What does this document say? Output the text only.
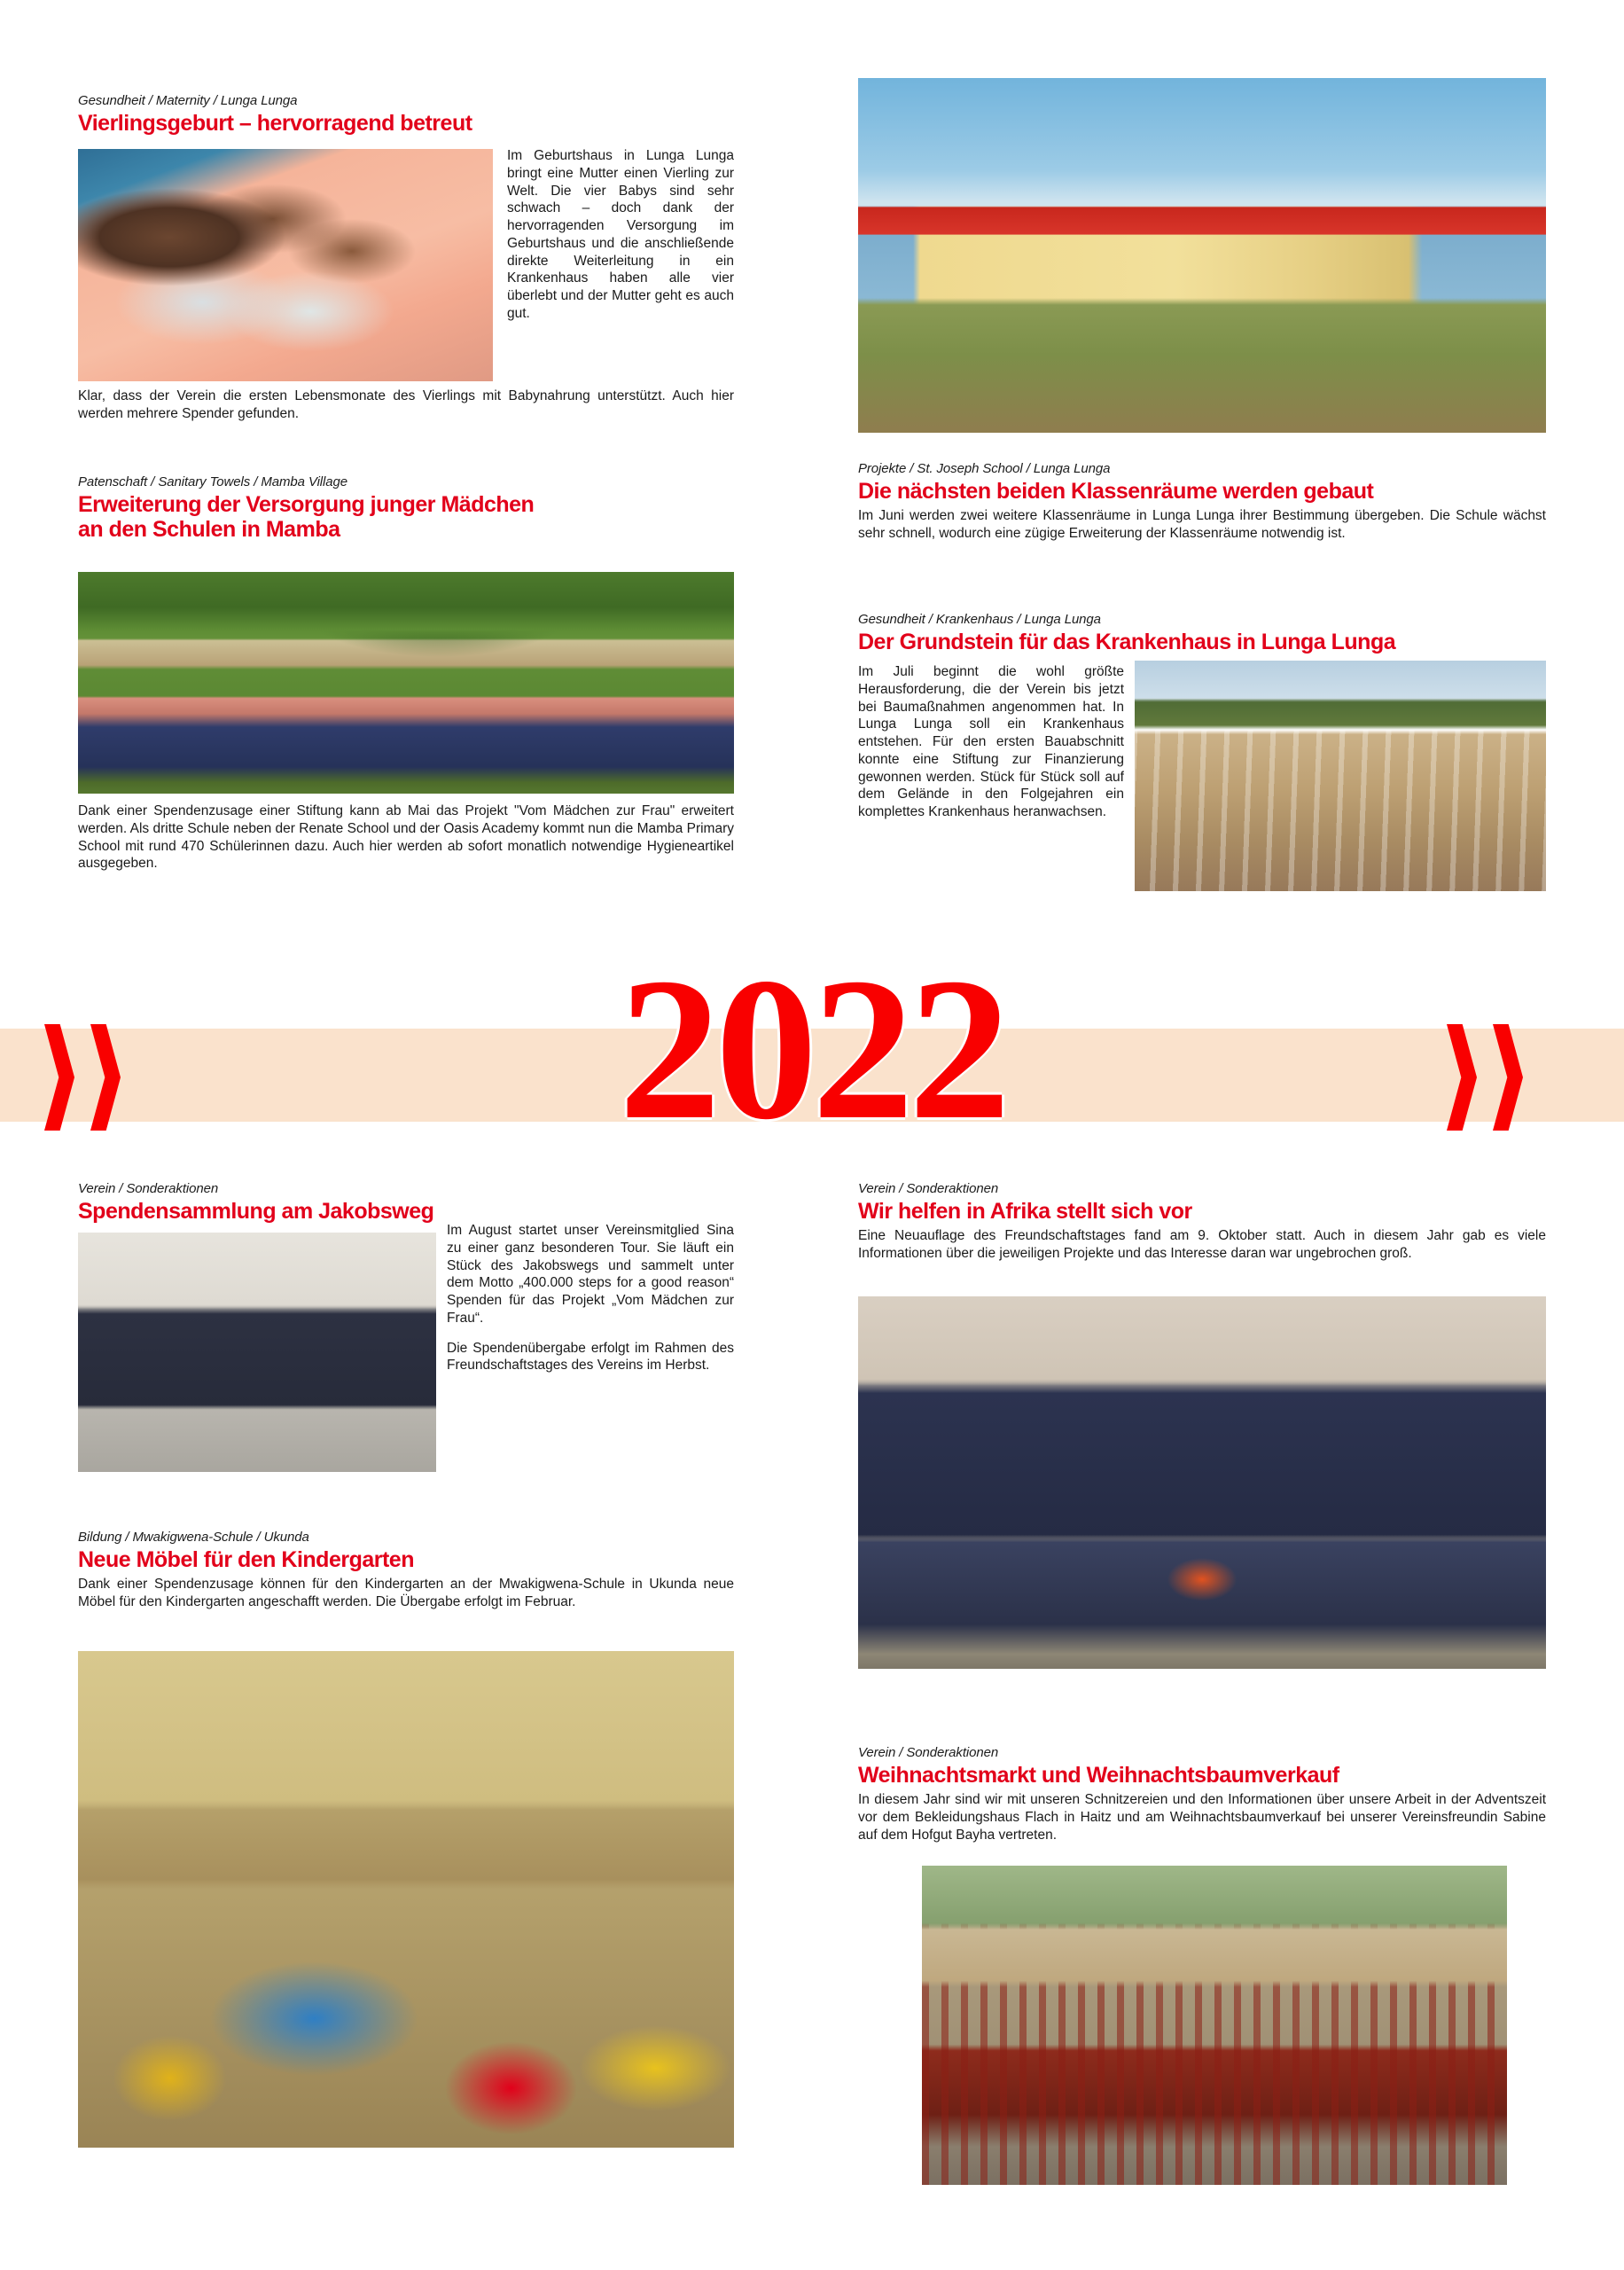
Gesundheit / Maternity / Lunga Lunga
Vierlingsgeburt – hervorragend betreut

Im Geburtshaus in Lunga Lunga bringt eine Mutter einen Vierling zur Welt. Die vier Babys sind sehr schwach – doch dank der hervorragenden Versorgung im Geburtshaus und die anschließende direkte Weiterleitung in ein Krankenhaus haben alle vier überlebt und der Mutter geht es auch gut.

Klar, dass der Verein die ersten Lebensmonate des Vierlings mit Babynahrung unterstützt. Auch hier werden mehrere Spender gefunden.

Patenschaft / Sanitary Towels / Mamba Village
Erweiterung der Versorgung junger Mädchen
an den Schulen in Mamba

Dank einer Spendenzusage einer Stiftung kann ab Mai das Projekt "Vom Mädchen zur Frau" erweitert werden. Als dritte Schule neben der Renate School und der Oasis Academy kommt nun die Mamba Primary School mit rund 470 Schülerinnen dazu. Auch hier werden ab sofort monatlich notwendige Hygieneartikel ausgegeben.

Projekte / St. Joseph School / Lunga Lunga
Die nächsten beiden Klassenräume werden gebaut

Im Juni werden zwei weitere Klassenräume in Lunga Lunga ihrer Bestimmung übergeben. Die Schule wächst sehr schnell, wodurch eine zügige Erweiterung der Klassenräume notwendig ist.

Gesundheit / Krankenhaus / Lunga Lunga
Der Grundstein für das Krankenhaus in Lunga Lunga

Im Juli beginnt die wohl größte Herausforderung, die der Verein bis jetzt bei Baumaßnahmen angenommen hat. In Lunga Lunga soll ein Krankenhaus entstehen. Für den ersten Bauabschnitt konnte eine Stiftung zur Finanzierung gewonnen werden. Stück für Stück soll auf dem Gelände in den Folgejahren ein komplettes Krankenhaus heranwachsen.

2022
Verein / Sonderaktionen
Spendensammlung am Jakobsweg

Im August startet unser Vereinsmitglied Sina zu einer ganz besonderen Tour. Sie läuft ein Stück des Jakobswegs und sammelt unter dem Motto „400.000 steps for a good reason“ Spenden für das Projekt „Vom Mädchen zur Frau“.

Die Spendenübergabe erfolgt im Rahmen des Freundschaftstages des Vereins im Herbst.

Verein / Sonderaktionen
Wir helfen in Afrika stellt sich vor

Eine Neuauflage des Freundschaftstages fand am 9. Oktober statt. Auch in diesem Jahr gab es viele Informationen über die jeweiligen Projekte und das Interesse daran war ungebrochen groß.

Bildung / Mwakigwena-Schule / Ukunda
Neue Möbel für den Kindergarten

Dank einer Spendenzusage können für den Kindergarten an der Mwakigwena-Schule in Ukunda neue Möbel für den Kindergarten angeschafft werden. Die Übergabe erfolgt im Februar.

Verein / Sonderaktionen
Weihnachtsmarkt und Weihnachtsbaumverkauf

In diesem Jahr sind wir mit unseren Schnitzereien und den Informationen über unsere Arbeit in der Adventszeit vor dem Bekleidungshaus Flach in Haitz und am Weihnachtsbaumverkauf bei unserer Vereinsfreundin Sabine auf dem Hofgut Bayha vertreten.
